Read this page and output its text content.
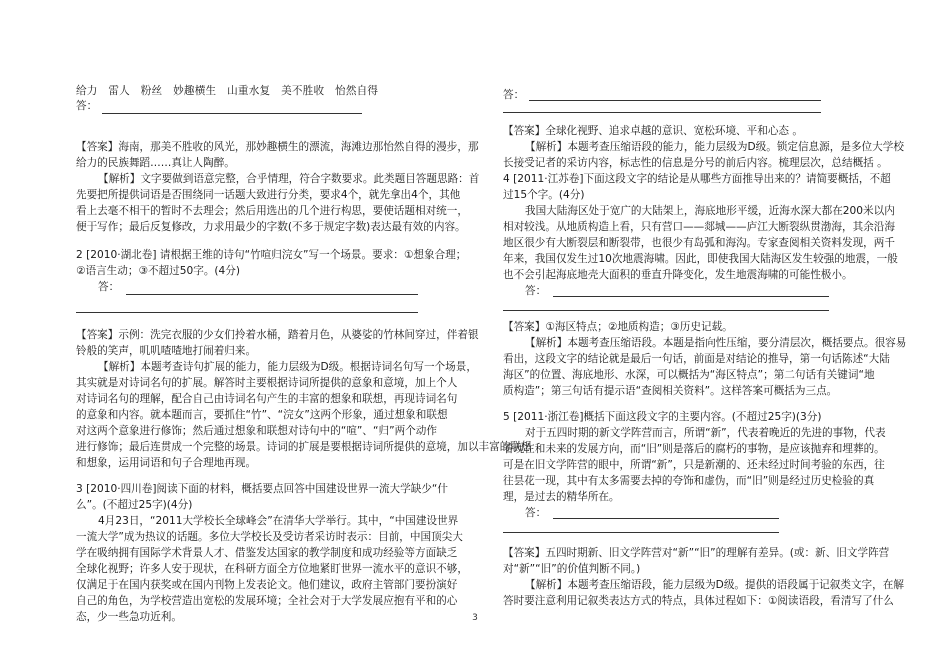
给力　雷人　粉丝　妙趣横生　山重水复　美不胜收　怡然自得
答：
【答案】海南，那美不胜收的风光，那妙趣横生的漂流，海滩边那怡然自得的漫步，那
给力的民族舞蹈……真让人陶醉。
【解析】文字要做到语意完整，合乎情理，符合字数要求。此类题目答题思路：首
先要把所提供词语是否围绕同一话题大致进行分类，要求4个，就先拿出4个，其他
看上去毫不相干的暂时不去理会；然后用选出的几个进行构思，要使话题相对统一，
便于写作；最后反复修改，力求用最少的字数(不多于规定字数)表达最有效的内容。
2 [2010·湖北卷] 请根据王维的诗句“竹喧归浣女”写一个场景。要求：①想象合理；
②语言生动；③不超过50字。(4分)
答：
【答案】示例：洗完衣服的少女们拎着水桶，踏着月色，从婆娑的竹林间穿过，伴着银
铃般的笑声，叽叽喳喳地打闹着归来。
【解析】本题考查诗句扩展的能力，能力层级为D级。根据诗词名句写一个场景，
其实就是对诗词名句的扩展。解答时主要根据诗词所提供的意象和意境，加上个人
对诗词名句的理解，配合自己由诗词名句产生的丰富的想象和联想，再现诗词名句
的意象和内容。就本题而言，要抓住“竹”、“浣女”这两个形象，通过想象和联想
对这两个意象进行修饰；然后通过想象和联想对诗句中的“喧”、“归”两个动作
进行修饰；最后连贯成一个完整的场景。诗词的扩展是要根据诗词所提供的意境，加以丰富的联想
和想象，运用词语和句子合理地再现。
3 [2010·四川卷]阅读下面的材料，概括要点回答中国建设世界一流大学缺少“什
么”。(不超过25字)(4分)
4月23日，“2011大学校长全球峰会”在清华大学举行。其中，“中国建设世界
一流大学”成为热议的话题。多位大学校长及受访者采访时表示：目前，中国顶尖大
学在吸纳拥有国际学术背景人才、借鉴发达国家的教学制度和成功经验等方面缺乏
全球化视野；许多人安于现状，在科研方面全方位地紧盯世界一流水平的意识不够，
仅满足于在国内获奖或在国内刊物上发表论文。他们建议，政府主管部门要扮演好
自己的角色，为学校营造出宽松的发展环境；全社会对于大学发展应抱有平和的心
态，少一些急功近利。
答：
【答案】全球化视野、追求卓越的意识、宽松环境、平和心态 。
【解析】本题考查压缩语段的能力，能力层级为D级。锁定信息源，是多位大学校
长接受记者的采访内容，标志性的信息是分号的前后内容。梳理层次，总结概括 。
4 [2011·江苏卷]下面这段文字的结论是从哪些方面推导出来的？请简要概括，不超
过15个字。(4分)
我国大陆海区处于宽广的大陆架上，海底地形平缓，近海水深大都在200米以内
相对较浅。从地质构造上看，只有营口——郯城——庐江大断裂纵贯渤海，其余沿海
地区很少有大断裂层和断裂带，也很少有岛弧和海沟。专家查阅相关资料发现，两千
年来，我国仅发生过10次地震海啸。因此，即使我国大陆海区发生较强的地震，一般
也不会引起海底地壳大面积的垂直升降变化，发生地震海啸的可能性极小。
答：
【答案】①海区特点；②地质构造；③历史记载。
【解析】本题考查压缩语段。本题是指向性压缩，要分清层次，概括要点。很容易
看出，这段文字的结论就是最后一句话，前面是对结论的推导，第一句话陈述“大陆
海区”的位置、海底地形、水深，可以概括为“海区特点”；第二句话有关键词“地
质构造”；第三句话有提示语“查阅相关资料”。这样答案可概括为三点。
5 [2011·浙江卷]概括下面这段文字的主要内容。(不超过25字)(3分)
对于五四时期的新文学阵营而言，所谓“新”，代表着晚近的先进的事物，代表
着现在和未来的发展方向，而“旧”则是落后的腐朽的事物，是应该抛弃和埋葬的。
可是在旧文学阵营的眼中，所谓“新”，只是新潮的、还未经过时间考验的东西，往
往昙花一现，其中有太多需要去掉的夸饰和虚伪，而“旧”则是经过历史检验的真
理，是过去的精华所在。
答：
【答案】五四时期新、旧文学阵营对“新”“旧”的理解有差异。(或：新、旧文学阵营
对“新”“旧”的价值判断不同。)
【解析】本题考查压缩语段，能力层级为D级。提供的语段属于记叙类文字，在解
答时要注意利用记叙类表达方式的特点，具体过程如下：①阅读语段，看清写了什么
3
